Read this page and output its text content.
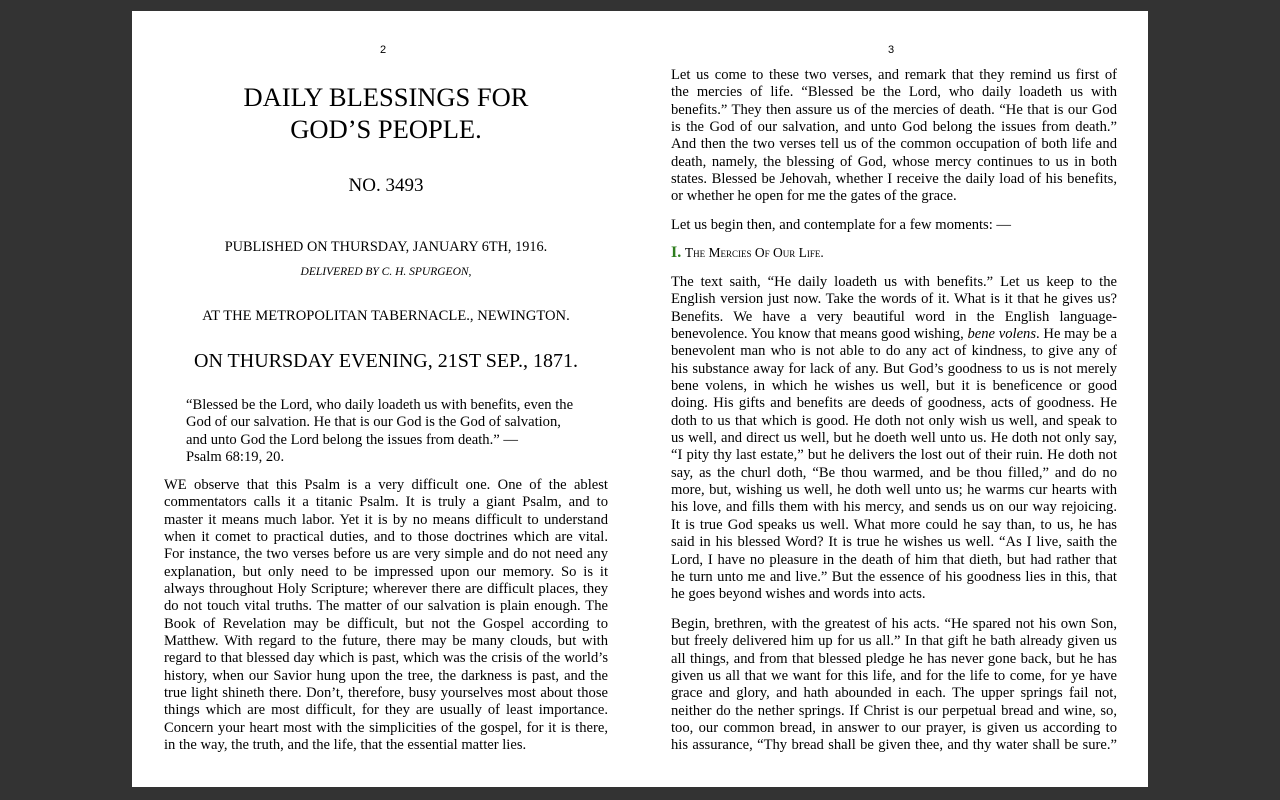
2
DAILY BLESSINGS FOR
GOD’S PEOPLE.
NO. 3493
PUBLISHED ON THURSDAY, JANUARY 6TH, 1916.
DELIVERED BY C. H. SPURGEON,
AT THE METROPOLITAN TABERNACLE., NEWINGTON.
ON THURSDAY EVENING, 21ST SEP., 1871.
“Blessed be the Lord, who daily loadeth us with benefits, even the
God of our salvation. He that is our God is the God of salvation,
and unto God the Lord belong the issues from death.” —
Psalm 68:19, 20.
WE observe that this Psalm is a very difficult one. One of the ablest
commentators calls it a titanic Psalm. It is truly a giant Psalm, and to
master it means much labor. Yet it is by no means difficult to understand
when it comet to practical duties, and to those doctrines which are vital.
For instance, the two verses before us are very simple and do not need any
explanation, but only need to be impressed upon our memory. So is it
always throughout Holy Scripture; wherever there are difficult places, they
do not touch vital truths. The matter of our salvation is plain enough. The
Book of Revelation may be difficult, but not the Gospel according to
Matthew. With regard to the future, there may be many clouds, but with
regard to that blessed day which is past, which was the crisis of the world’s
history, when our Savior hung upon the tree, the darkness is past, and the
true light shineth there. Don’t, therefore, busy yourselves most about those
things which are most difficult, for they are usually of least importance.
Concern your heart most with the simplicities of the gospel, for it is there,
in the way, the truth, and the life, that the essential matter lies.
3
Let us come to these two verses, and remark that they remind us first of
the mercies of life. “Blessed be the Lord, who daily loadeth us with
benefits.” They then assure us of the mercies of death. “He that is our God
is the God of our salvation, and unto God belong the issues from death.”
And then the two verses tell us of the common occupation of both life and
death, namely, the blessing of God, whose mercy continues to us in both
states. Blessed be Jehovah, whether I receive the daily load of his benefits,
or whether he open for me the gates of the grace.
Let us begin then, and contemplate for a few moments: —
I. The Mercies Of Our Life.
The text saith, “He daily loadeth us with benefits.” Let us keep to the
English version just now. Take the words of it. What is it that he gives us?
Benefits. We have a very beautiful word in the English language-
benevolence. You know that means good wishing, bene volens. He may be a
benevolent man who is not able to do any act of kindness, to give any of
his substance away for lack of any. But God’s goodness to us is not merely
bene volens, in which he wishes us well, but it is beneficence or good
doing. His gifts and benefits are deeds of goodness, acts of goodness. He
doth to us that which is good. He doth not only wish us well, and speak to
us well, and direct us well, but he doeth well unto us. He doth not only say,
“I pity thy last estate,” but he delivers the lost out of their ruin. He doth not
say, as the churl doth, “Be thou warmed, and be thou filled,” and do no
more, but, wishing us well, he doth well unto us; he warms cur hearts with
his love, and fills them with his mercy, and sends us on our way rejoicing.
It is true God speaks us well. What more could he say than, to us, he has
said in his blessed Word? It is true he wishes us well. “As I live, saith the
Lord, I have no pleasure in the death of him that dieth, but had rather that
he turn unto me and live.” But the essence of his goodness lies in this, that
he goes beyond wishes and words into acts.
Begin, brethren, with the greatest of his acts. “He spared not his own Son,
but freely delivered him up for us all.” In that gift he bath already given us
all things, and from that blessed pledge he has never gone back, but he has
given us all that we want for this life, and for the life to come, for ye have
grace and glory, and hath abounded in each. The upper springs fail not,
neither do the nether springs. If Christ is our perpetual bread and wine, so,
too, our common bread, in answer to our prayer, is given us according to
his assurance, “Thy bread shall be given thee, and thy water shall be sure.”
